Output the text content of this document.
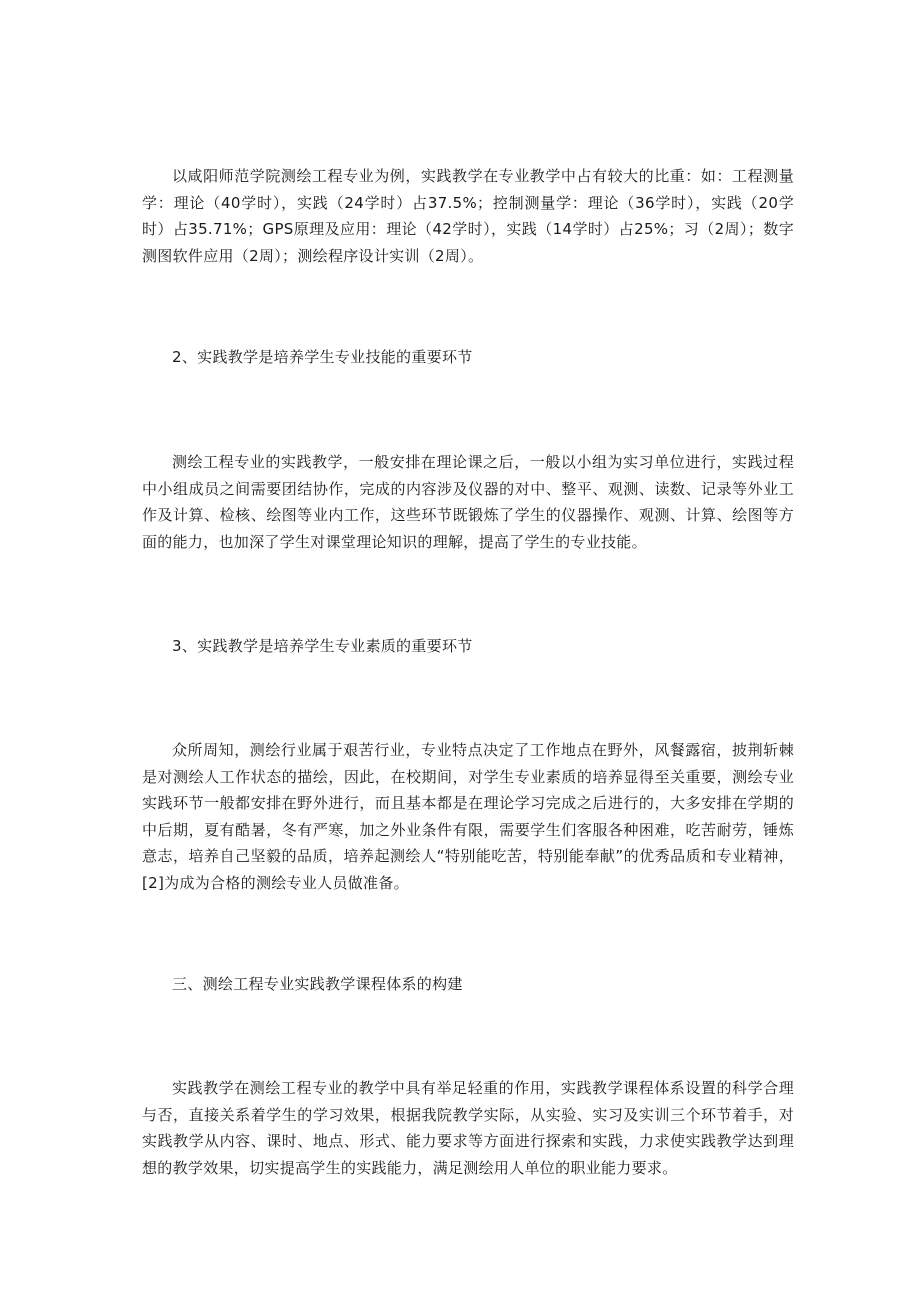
以咸阳师范学院测绘工程专业为例，实践教学在专业教学中占有较大的比重：如：工程测量学：理论（40学时），实践（24学时）占37.5%；控制测量学：理论（36学时），实践（20学时）占35.71%；GPS原理及应用：理论（42学时），实践（14学时）占25%；习（2周）；数字测图软件应用（2周）；测绘程序设计实训（2周）。

2、实践教学是培养学生专业技能的重要环节

测绘工程专业的实践教学，一般安排在理论课之后，一般以小组为实习单位进行，实践过程中小组成员之间需要团结协作，完成的内容涉及仪器的对中、整平、观测、读数、记录等外业工作及计算、检核、绘图等业内工作，这些环节既锻炼了学生的仪器操作、观测、计算、绘图等方面的能力，也加深了学生对课堂理论知识的理解，提高了学生的专业技能。

3、实践教学是培养学生专业素质的重要环节

众所周知，测绘行业属于艰苦行业，专业特点决定了工作地点在野外，风餐露宿，披荆斩棘是对测绘人工作状态的描绘，因此，在校期间，对学生专业素质的培养显得至关重要，测绘专业实践环节一般都安排在野外进行，而且基本都是在理论学习完成之后进行的，大多安排在学期的中后期，夏有酷暑，冬有严寒，加之外业条件有限，需要学生们客服各种困难，吃苦耐劳，锤炼意志，培养自己坚毅的品质，培养起测绘人“特别能吃苦，特别能奉献”的优秀品质和专业精神，[2]为成为合格的测绘专业人员做准备。

三、测绘工程专业实践教学课程体系的构建

实践教学在测绘工程专业的教学中具有举足轻重的作用，实践教学课程体系设置的科学合理与否，直接关系着学生的学习效果，根据我院教学实际，从实验、实习及实训三个环节着手，对实践教学从内容、课时、地点、形式、能力要求等方面进行探索和实践，力求使实践教学达到理想的教学效果，切实提高学生的实践能力，满足测绘用人单位的职业能力要求。
